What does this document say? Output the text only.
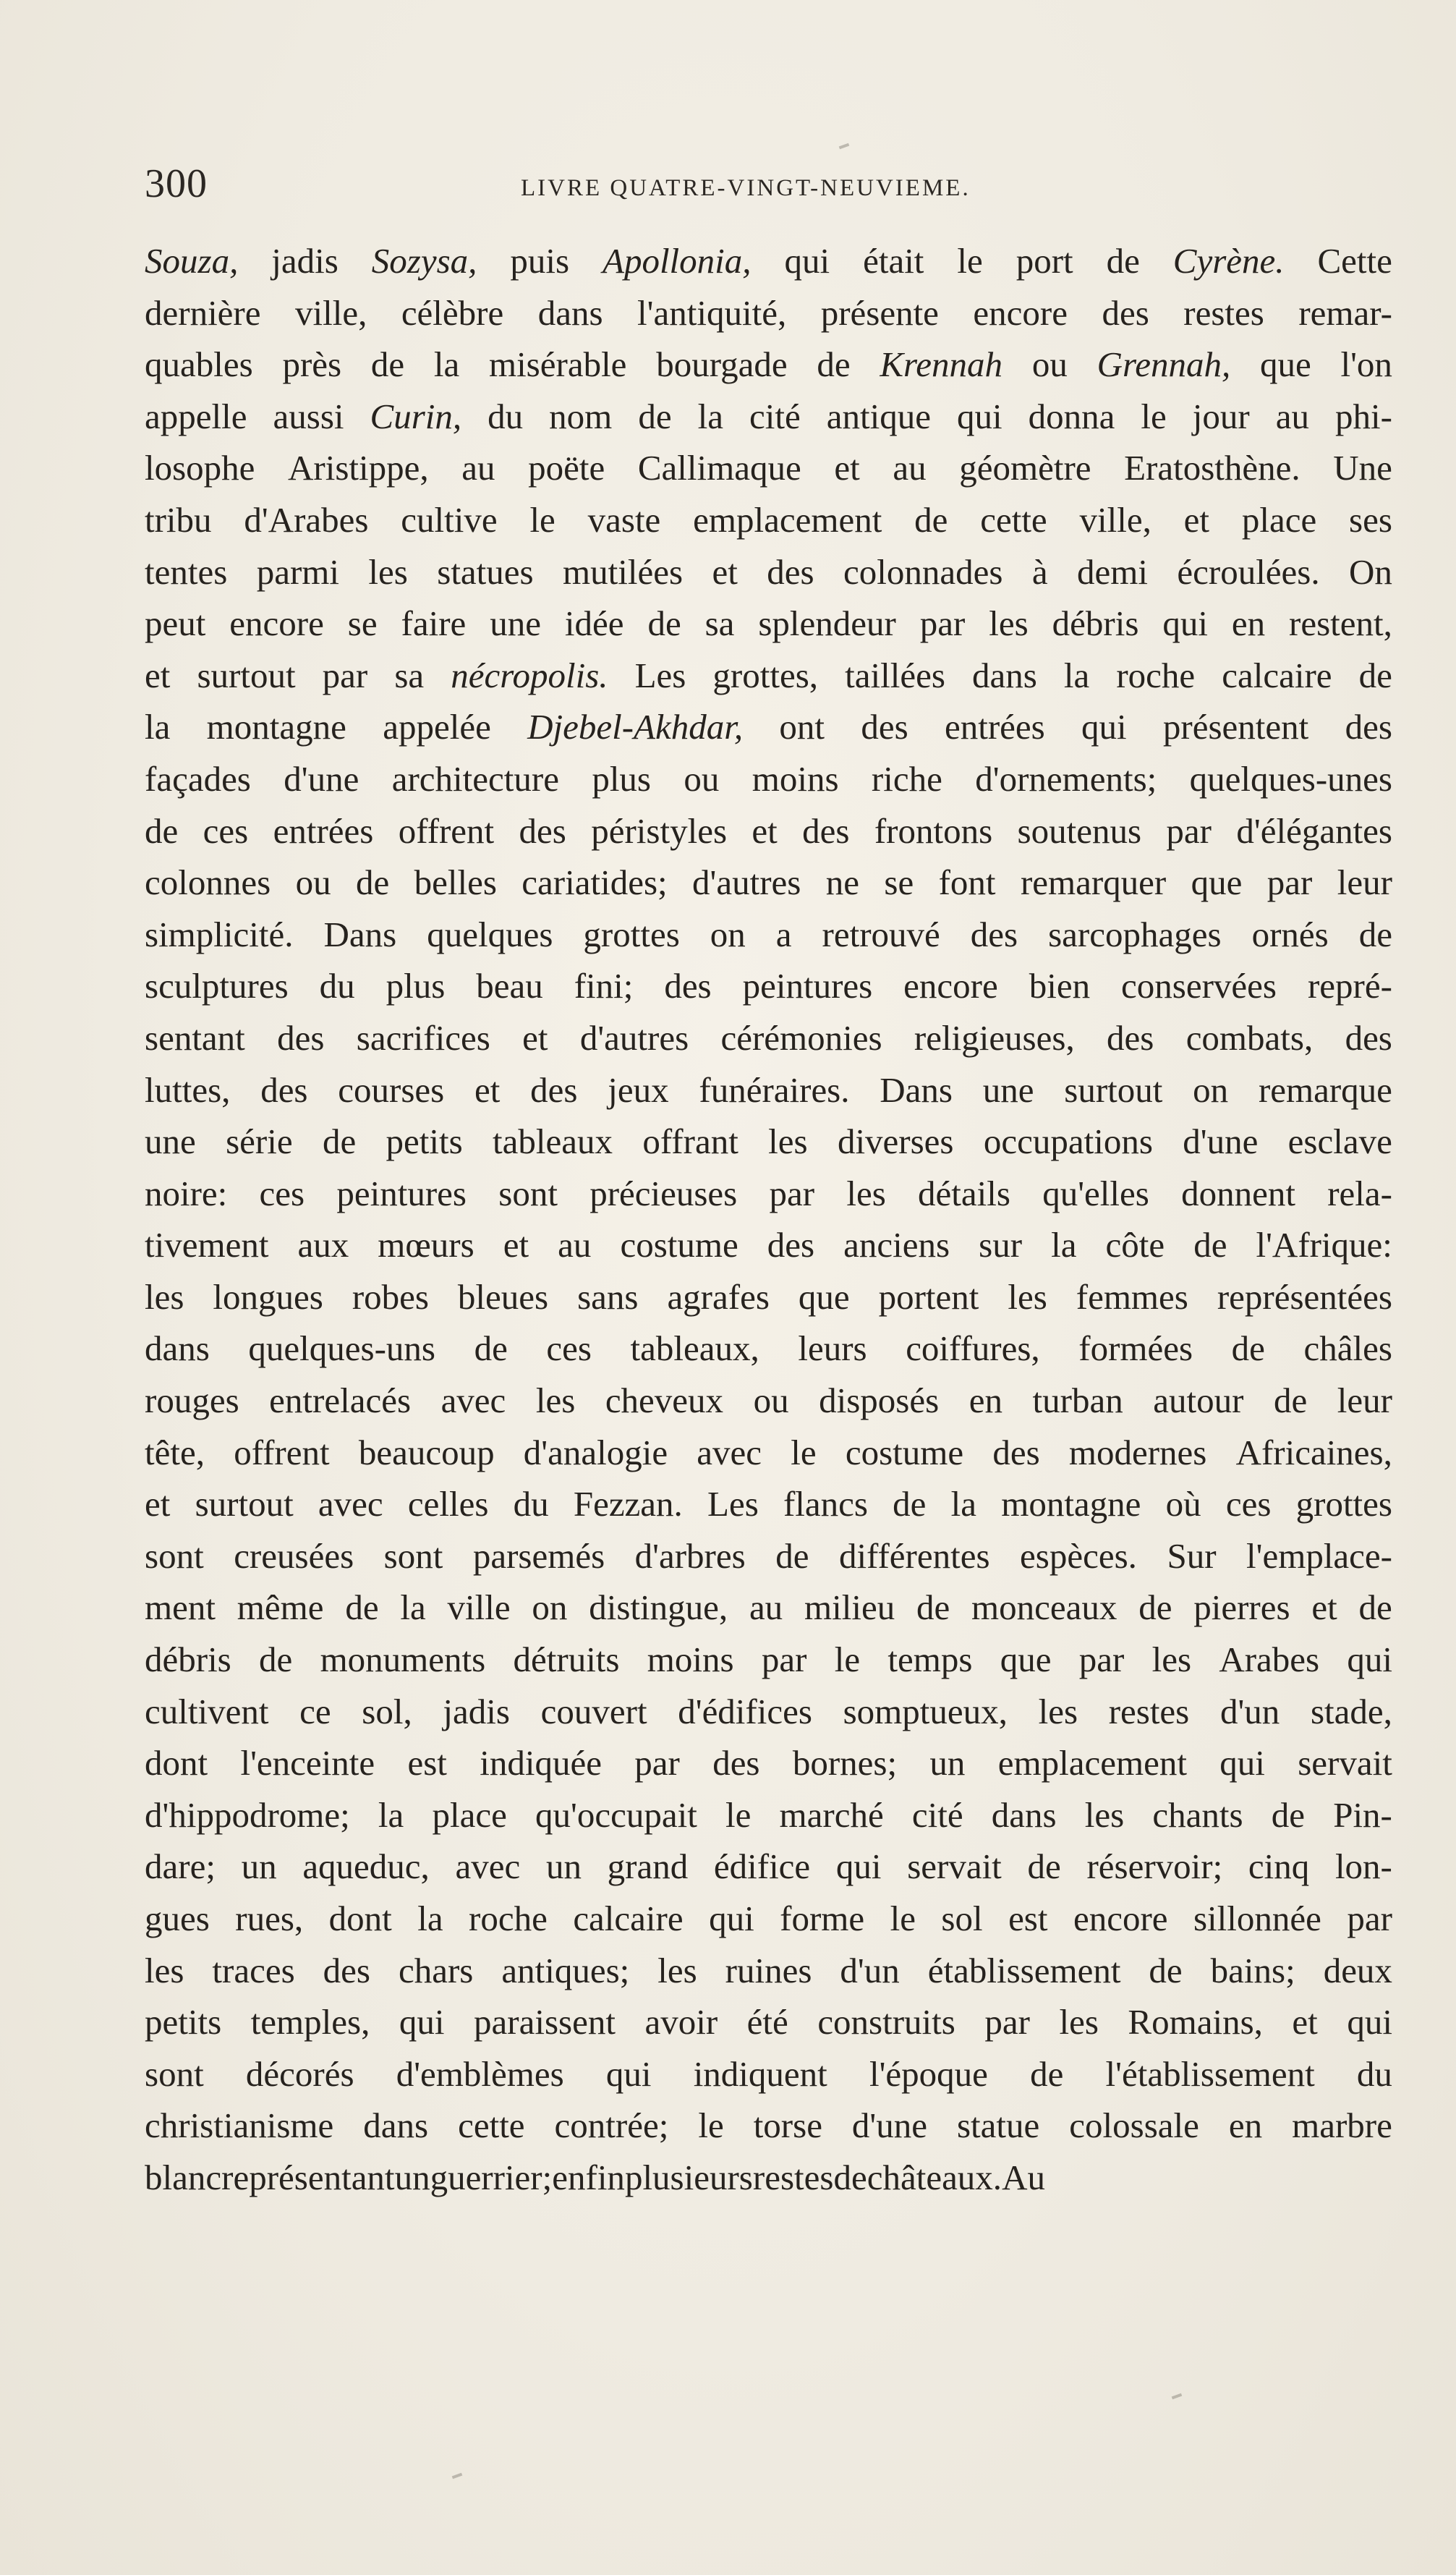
300	LIVRE QUATRE-VINGT-NEUVIEME.
Souza, jadis Sozysa, puis Apollonia, qui était le port de Cyrène. Cette
dernière ville, célèbre dans l'antiquité, présente encore des restes remar-
quables près de la misérable bourgade de Krennah ou Grennah, que l'on
appelle aussi Curin, du nom de la cité antique qui donna le jour au phi-
losophe Aristippe, au poëte Callimaque et au géomètre Eratosthène. Une
tribu d'Arabes cultive le vaste emplacement de cette ville, et place ses
tentes parmi les statues mutilées et des colonnades à demi écroulées. On
peut encore se faire une idée de sa splendeur par les débris qui en restent,
et surtout par sa nécropolis. Les grottes, taillées dans la roche calcaire de
la montagne appelée Djebel-Akhdar, ont des entrées qui présentent des
façades d'une architecture plus ou moins riche d'ornements; quelques-unes
de ces entrées offrent des péristyles et des frontons soutenus par d'élégantes
colonnes ou de belles cariatides; d'autres ne se font remarquer que par leur
simplicité. Dans quelques grottes on a retrouvé des sarcophages ornés de
sculptures du plus beau fini; des peintures encore bien conservées repré-
sentant des sacrifices et d'autres cérémonies religieuses, des combats, des
luttes, des courses et des jeux funéraires. Dans une surtout on remarque
une série de petits tableaux offrant les diverses occupations d'une esclave
noire: ces peintures sont précieuses par les détails qu'elles donnent rela-
tivement aux mœurs et au costume des anciens sur la côte de l'Afrique:
les longues robes bleues sans agrafes que portent les femmes représentées
dans quelques-uns de ces tableaux, leurs coiffures, formées de châles
rouges entrelacés avec les cheveux ou disposés en turban autour de leur
tête, offrent beaucoup d'analogie avec le costume des modernes Africaines,
et surtout avec celles du Fezzan. Les flancs de la montagne où ces grottes
sont creusées sont parsemés d'arbres de différentes espèces. Sur l'emplace-
ment même de la ville on distingue, au milieu de monceaux de pierres et de
débris de monuments détruits moins par le temps que par les Arabes qui
cultivent ce sol, jadis couvert d'édifices somptueux, les restes d'un stade,
dont l'enceinte est indiquée par des bornes; un emplacement qui servait
d'hippodrome; la place qu'occupait le marché cité dans les chants de Pin-
dare; un aqueduc, avec un grand édifice qui servait de réservoir; cinq lon-
gues rues, dont la roche calcaire qui forme le sol est encore sillonnée par
les traces des chars antiques; les ruines d'un établissement de bains; deux
petits temples, qui paraissent avoir été construits par les Romains, et qui
sont décorés d'emblèmes qui indiquent l'époque de l'établissement du
christianisme dans cette contrée; le torse d'une statue colossale en marbre
blanc représentant un guerrier; enfin plusieurs restes de châteaux. Au
